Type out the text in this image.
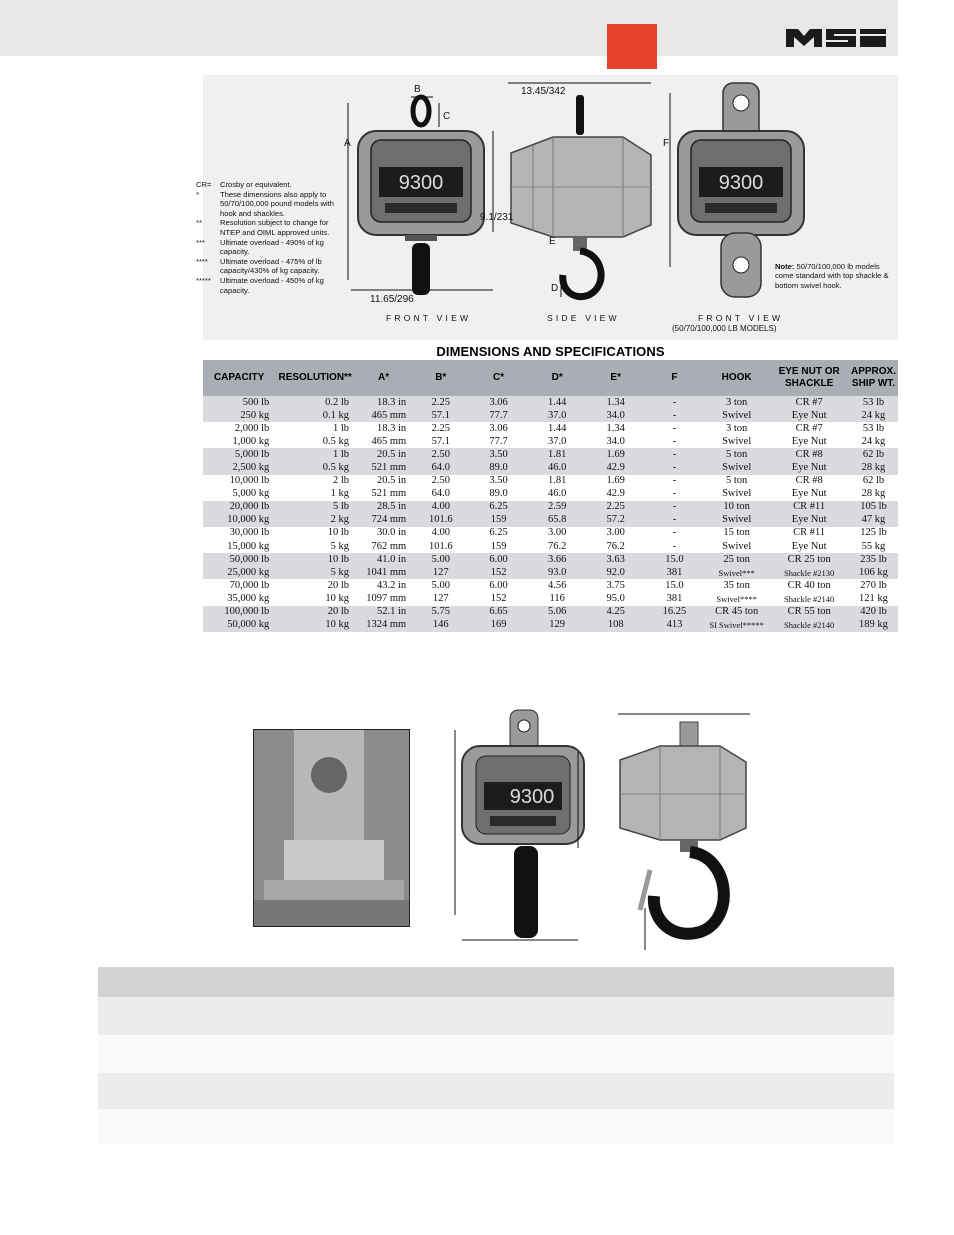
9300	9300
B
C
A
13.45/342
F
9.1/231
E
D
11.65/296
CR=	Crosby or equivalent.
*	These dimensions also apply to 50/70/100,000 pound models with hook and shackles.
**	Resolution subject to change for NTEP and OIML approved units.
***	Ultimate overload - 490% of kg capacity.
****	Ultimate overload - 475% of lb capacity/430% of kg capacity.
*****	Ultimate overload - 450% of kg capacity.
Note: 50/70/100,000 lb models come standard with top shackle & bottom swivel hook.
FRONT VIEW	SIDE VIEW	FRONT VIEW
(50/70/100,000 LB MODELS)
DIMENSIONS AND SPECIFICATIONS
CAPACITY	RESOLUTION**	A*	B*	C*	D*	E*	F	HOOK	EYE NUT OR SHACKLE	APPROX. SHIP WT.
500 lb	0.2 lb	18.3 in	2.25	3.06	1.44	1.34	-	3 ton	CR #7	53 lb
250 kg	0.1 kg	465 mm	57.1	77.7	37.0	34.0	-	Swivel	Eye Nut	24 kg
2,000 lb	1 lb	18.3 in	2.25	3.06	1.44	1.34	-	3 ton	CR #7	53 lb
1,000 kg	0.5 kg	465 mm	57.1	77.7	37.0	34.0	-	Swivel	Eye Nut	24 kg
5,000 lb	1 lb	20.5 in	2.50	3.50	1.81	1.69	-	5 ton	CR #8	62 lb
2,500 kg	0.5 kg	521 mm	64.0	89.0	46.0	42.9	-	Swivel	Eye Nut	28 kg
10,000 lb	2 lb	20.5 in	2.50	3.50	1.81	1.69	-	5 ton	CR #8	62 lb
5,000 kg	1 kg	521 mm	64.0	89.0	46.0	42.9	-	Swivel	Eye Nut	28 kg
20,000 lb	5 lb	28.5 in	4.00	6.25	2.59	2.25	-	10 ton	CR #11	105 lb
10,000 kg	2 kg	724 mm	101.6	159	65.8	57.2	-	Swivel	Eye Nut	47 kg
30,000 lb	10 lb	30.0 in	4.00	6.25	3.00	3.00	-	15 ton	CR #11	125 lb
15,000 kg	5 kg	762 mm	101.6	159	76.2	76.2	-	Swivel	Eye Nut	55 kg
50,000 lb	10 lb	41.0 in	5.00	6.00	3.66	3.63	15.0	25 ton	CR 25 ton	235 lb
25,000 kg	5 kg	1041 mm	127	152	93.0	92.0	381	Swivel***	Shackle #2130	106 kg
70,000 lb	20 lb	43.2 in	5.00	6.00	4.56	3.75	15.0	35 ton	CR 40 ton	270 lb
35,000 kg	10 kg	1097 mm	127	152	116	95.0	381	Swivel****	Shackle #2140	121 kg
100,000 lb	20 lb	52.1 in	5.75	6.65	5.06	4.25	16.25	CR 45 ton	CR 55 ton	420 lb
50,000 kg	10 kg	1324 mm	146	169	129	108	413	SI Swivel*****	Shackle #2140	189 kg
9300
